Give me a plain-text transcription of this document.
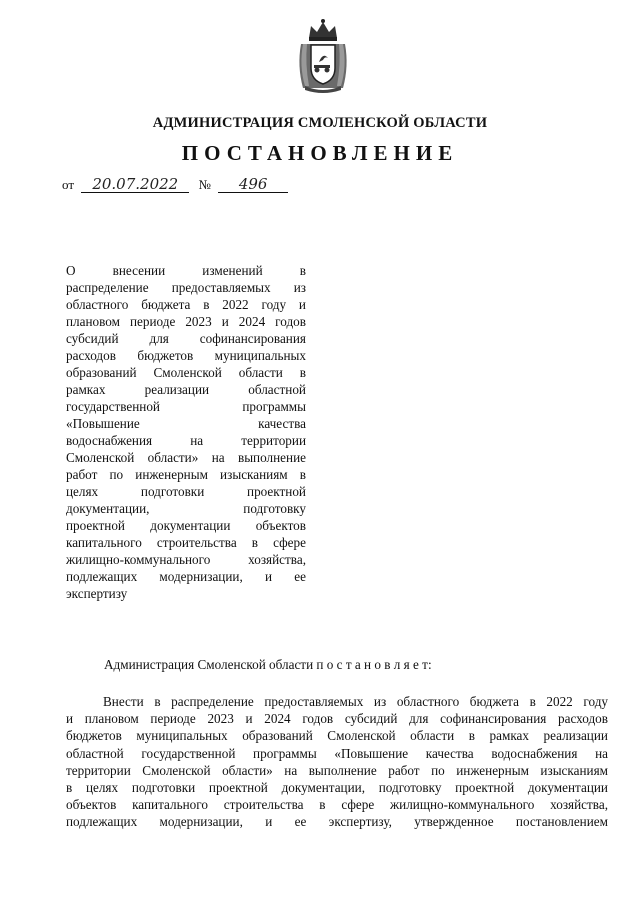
АДМИНИСТРАЦИЯ СМОЛЕНСКОЙ ОБЛАСТИ
ПОСТАНОВЛЕНИЕ
от 20.07.2022 № 496
О внесении изменений в
распределение предоставляемых из
областного бюджета в 2022 году и
плановом периоде 2023 и 2024 годов
субсидий для софинансирования
расходов бюджетов муниципальных
образований Смоленской области в
рамках реализации областной
государственной программы
«Повышение качества
водоснабжения на территории
Смоленской области» на выполнение
работ по инженерным изысканиям в
целях подготовки проектной
документации, подготовку
проектной документации объектов
капитального строительства в сфере
жилищно-коммунального хозяйства,
подлежащих модернизации, и ее
экспертизу
Администрация Смоленской области п о с т а н о в л я е т:
Внести в распределение предоставляемых из областного бюджета в 2022 году
и плановом периоде 2023 и 2024 годов субсидий для софинансирования расходов
бюджетов муниципальных образований Смоленской области в рамках реализации
областной государственной программы «Повышение качества водоснабжения на
территории Смоленской области» на выполнение работ по инженерным изысканиям
в целях подготовки проектной документации, подготовку проектной документации
объектов капитального строительства в сфере жилищно-коммунального хозяйства,
подлежащих модернизации, и ее экспертизу, утвержденное постановлением
